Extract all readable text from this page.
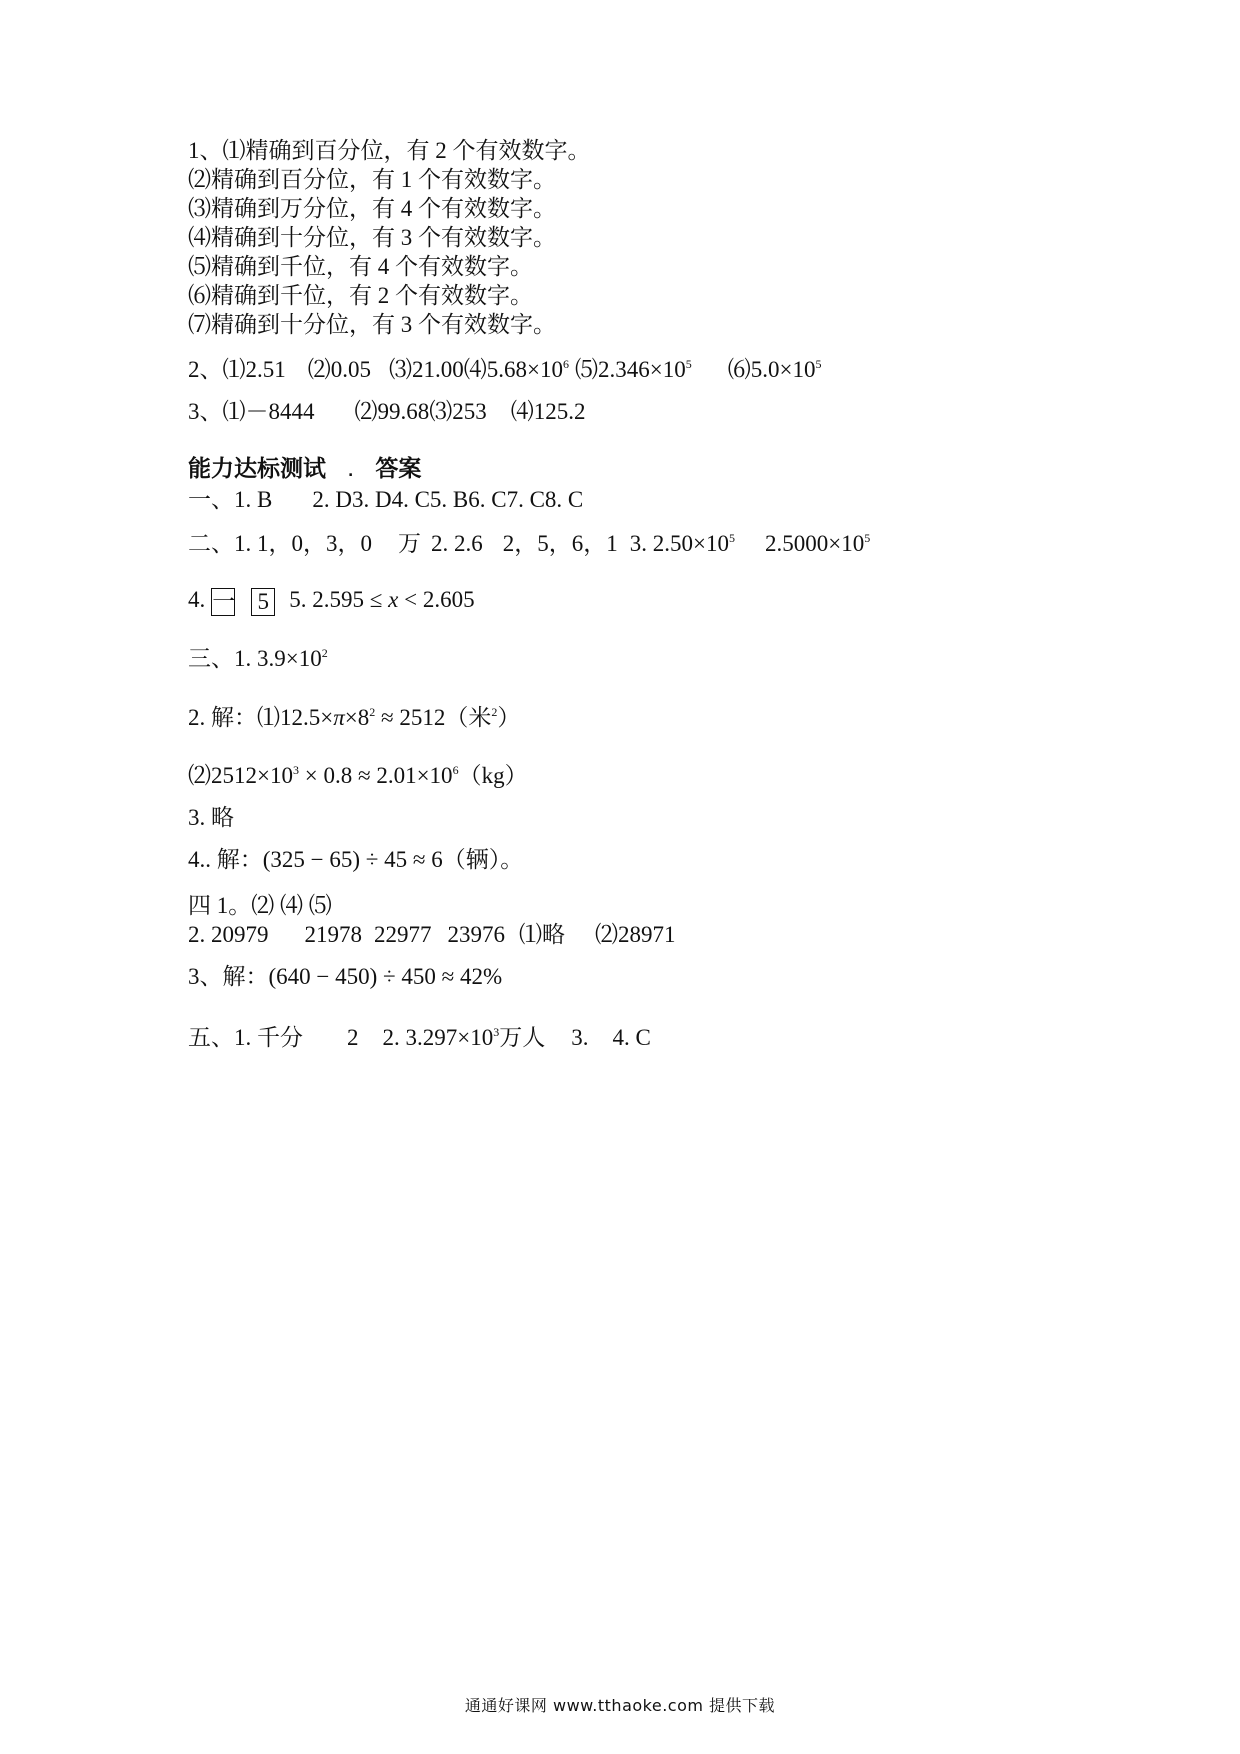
1、⑴精确到百分位，有 2 个有效数字。
⑵精确到百分位，有 1 个有效数字。
⑶精确到万分位，有 4 个有效数字。
⑷精确到十分位，有 3 个有效数字。
⑸精确到千位，有 4 个有效数字。
⑹精确到千位，有 2 个有效数字。
⑺精确到十分位，有 3 个有效数字。
2、⑴2.51 ⑵0.05 $⑶21.00⑷5.68\times 10^6$ $⑸2.346\times 10^5$ $⑹5.0\times 10^5$
3、⑴－8444 ⑵99.68⑶253 ⑷125.2
能力达标测试 . 答案
一、1. B 2. D3. D4. C5. B6. C7. C8. C
二、1. 1，0，3，0 万 2. 2.6 2，5，6，1 3. $2.50\times 10^5$ $2.5000\times 10^5$
4. 一 5 5. 2.595 ≤ x < 2.605
三、1. $3.9\times 10^2$
2. 解：$⑴12.5\times\pi\times 8^2 \approx 2512$（米$^2$）
$⑵2512\times 10^3 \times 0.8 \approx 2.01\times 10^6(kg)$
3. 略
4.. 解：(325 − 65) ÷ 45 ≈ 6（辆）。
四 1。⑵ ⑷ ⑸
2. 20979 21978 22977 23976 ⑴略 ⑵28971
3、解：(640 − 450) ÷ 450 ≈ 42%
五、1. 千分 2 2. $3.297\times 10^3$万人 3. 4. C
通通好课网 www.tthaoke.com 提供下载
